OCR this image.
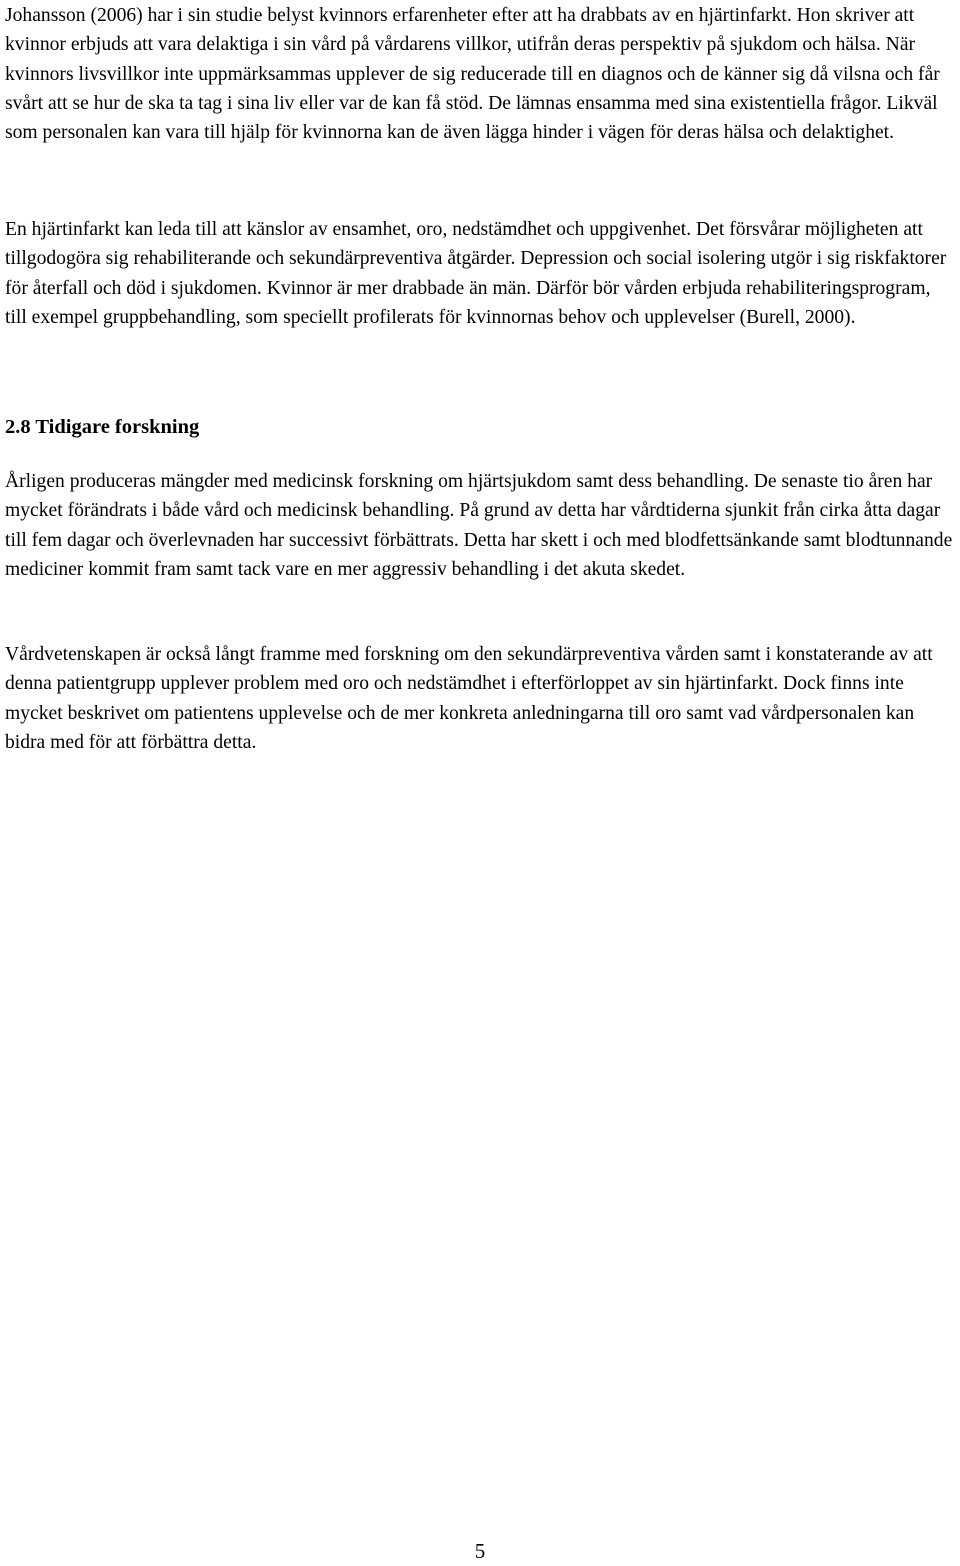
Johansson (2006) har i sin studie belyst kvinnors erfarenheter efter att ha drabbats av en hjärtinfarkt. Hon skriver att kvinnor erbjuds att vara delaktiga i sin vård på vårdarens villkor, utifrån deras perspektiv på sjukdom och hälsa. När kvinnors livsvillkor inte uppmärksammas upplever de sig reducerade till en diagnos och de känner sig då vilsna och får svårt att se hur de ska ta tag i sina liv eller var de kan få stöd. De lämnas ensamma med sina existentiella frågor. Likväl som personalen kan vara till hjälp för kvinnorna kan de även lägga hinder i vägen för deras hälsa och delaktighet.

En hjärtinfarkt kan leda till att känslor av ensamhet, oro, nedstämdhet och uppgivenhet. Det försvårar möjligheten att tillgodogöra sig rehabiliterande och sekundärpreventiva åtgärder. Depression och social isolering utgör i sig riskfaktorer för återfall och död i sjukdomen. Kvinnor är mer drabbade än män. Därför bör vården erbjuda rehabiliteringsprogram, till exempel gruppbehandling, som speciellt profilerats för kvinnornas behov och upplevelser (Burell, 2000).

2.8 Tidigare forskning

Årligen produceras mängder med medicinsk forskning om hjärtsjukdom samt dess behandling. De senaste tio åren har mycket förändrats i både vård och medicinsk behandling. På grund av detta har vårdtiderna sjunkit från cirka åtta dagar till fem dagar och överlevnaden har successivt förbättrats. Detta har skett i och med blodfettsänkande samt blodtunnande mediciner kommit fram samt tack vare en mer aggressiv behandling i det akuta skedet.

Vårdvetenskapen är också långt framme med forskning om den sekundärpreventiva vården samt i konstaterande av att denna patientgrupp upplever problem med oro och nedstämdhet i efterförloppet av sin hjärtinfarkt. Dock finns inte mycket beskrivet om patientens upplevelse och de mer konkreta anledningarna till oro samt vad vårdpersonalen kan bidra med för att förbättra detta.

5
